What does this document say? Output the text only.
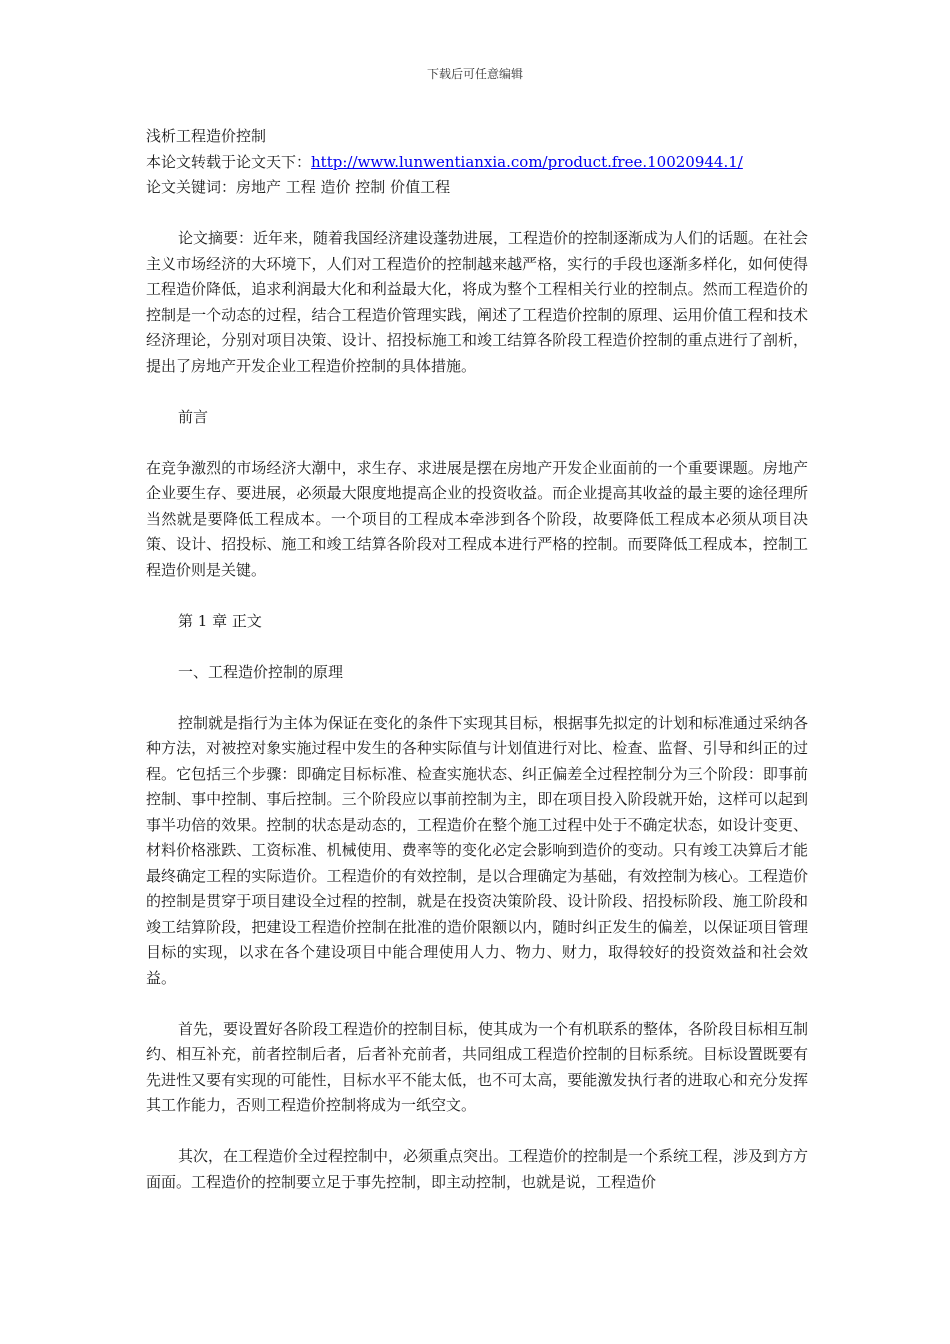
下载后可任意编辑

浅析工程造价控制

本论文转载于论文天下：http://www.lunwentianxia.com/product.free.10020944.1/

论文关键词：房地产 工程 造价 控制 价值工程

论文摘要：近年来，随着我国经济建设蓬勃进展，工程造价的控制逐渐成为人们的话题。在社会主义市场经济的大环境下，人们对工程造价的控制越来越严格，实行的手段也逐渐多样化，如何使得工程造价降低，追求利润最大化和利益最大化，将成为整个工程相关行业的控制点。然而工程造价的控制是一个动态的过程，结合工程造价管理实践，阐述了工程造价控制的原理、运用价值工程和技术经济理论，分别对项目决策、设计、招投标施工和竣工结算各阶段工程造价控制的重点进行了剖析，提出了房地产开发企业工程造价控制的具体措施。

前言

在竞争激烈的市场经济大潮中，求生存、求进展是摆在房地产开发企业面前的一个重要课题。房地产企业要生存、要进展，必须最大限度地提高企业的投资收益。而企业提高其收益的最主要的途径理所当然就是要降低工程成本。一个项目的工程成本牵涉到各个阶段，故要降低工程成本必须从项目决策、设计、招投标、施工和竣工结算各阶段对工程成本进行严格的控制。而要降低工程成本，控制工程造价则是关键。

第 1 章 正文

一、工程造价控制的原理

控制就是指行为主体为保证在变化的条件下实现其目标，根据事先拟定的计划和标准通过采纳各种方法，对被控对象实施过程中发生的各种实际值与计划值进行对比、检查、监督、引导和纠正的过程。它包括三个步骤：即确定目标标准、检查实施状态、纠正偏差全过程控制分为三个阶段：即事前控制、事中控制、事后控制。三个阶段应以事前控制为主，即在项目投入阶段就开始，这样可以起到事半功倍的效果。控制的状态是动态的，工程造价在整个施工过程中处于不确定状态，如设计变更、材料价格涨跌、工资标准、机械使用、费率等的变化必定会影响到造价的变动。只有竣工决算后才能最终确定工程的实际造价。工程造价的有效控制，是以合理确定为基础，有效控制为核心。工程造价的控制是贯穿于项目建设全过程的控制，就是在投资决策阶段、设计阶段、招投标阶段、施工阶段和竣工结算阶段，把建设工程造价控制在批准的造价限额以内，随时纠正发生的偏差，以保证项目管理目标的实现，以求在各个建设项目中能合理使用人力、物力、财力，取得较好的投资效益和社会效益。

首先，要设置好各阶段工程造价的控制目标，使其成为一个有机联系的整体，各阶段目标相互制约、相互补充，前者控制后者，后者补充前者，共同组成工程造价控制的目标系统。目标设置既要有先进性又要有实现的可能性，目标水平不能太低，也不可太高，要能激发执行者的进取心和充分发挥其工作能力，否则工程造价控制将成为一纸空文。

其次，在工程造价全过程控制中，必须重点突出。工程造价的控制是一个系统工程，涉及到方方面面。工程造价的控制要立足于事先控制，即主动控制，也就是说，工程造价
